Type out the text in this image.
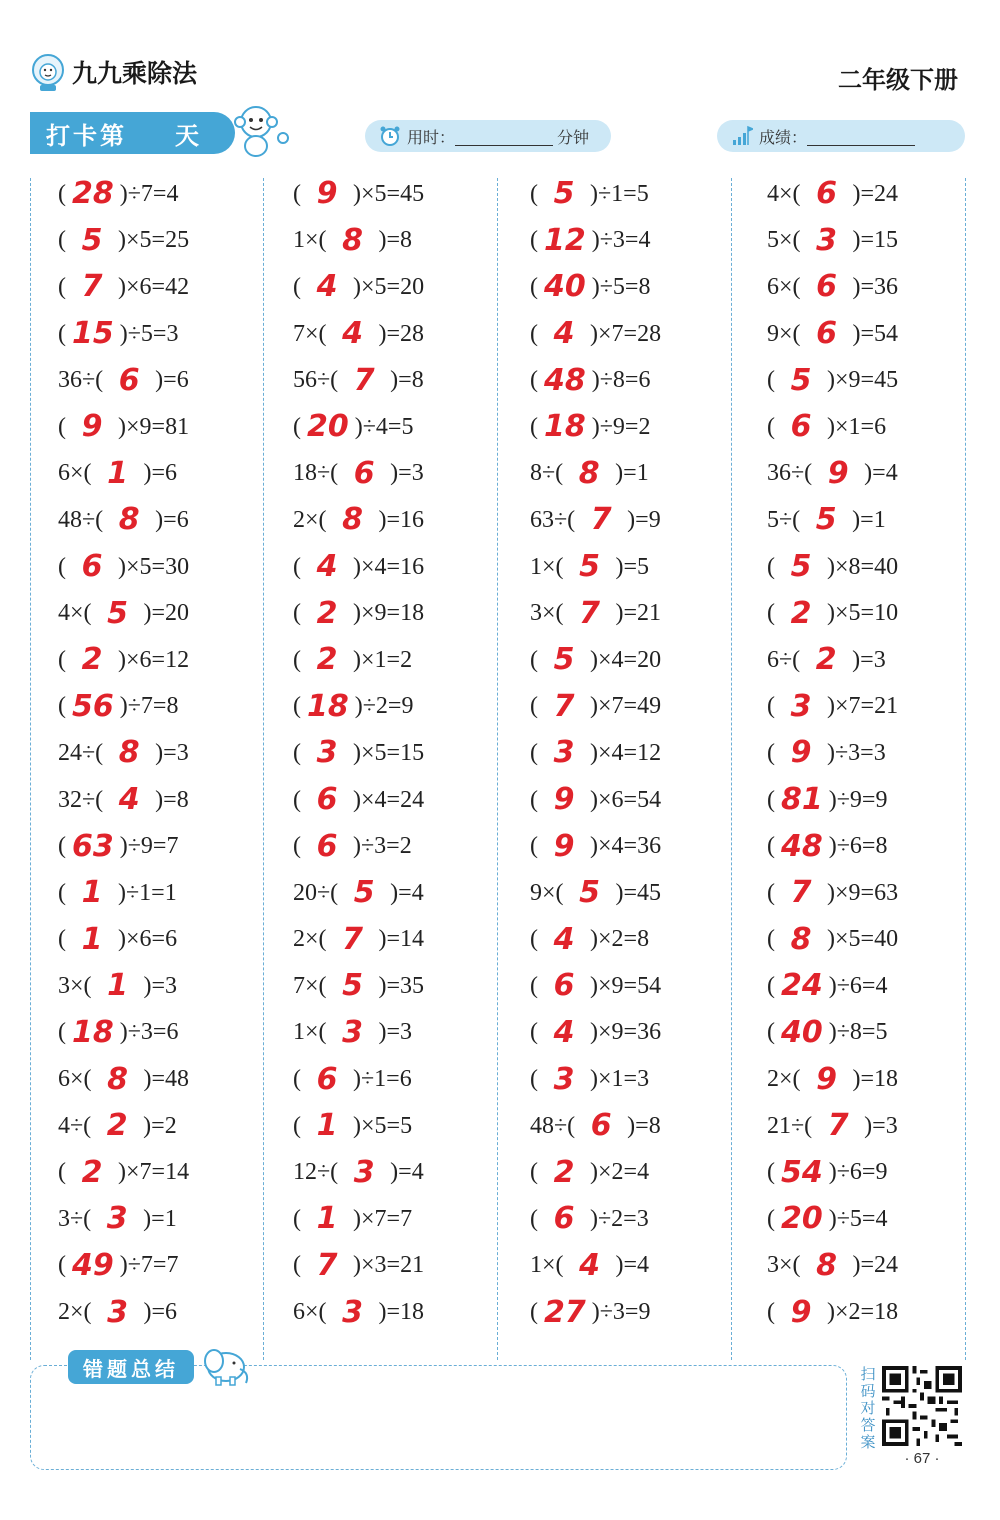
九九乘除法	二年级下册
打卡第 天	用时：	分钟	成绩：
( 28 )÷7=4
( 5 )×5=25
( 7 )×6=42
( 15 )÷5=3
36÷( 6 )=6
( 9 )×9=81
6×( 1 )=6
48÷( 8 )=6
( 6 )×5=30
4×( 5 )=20
( 2 )×6=12
( 56 )÷7=8
24÷( 8 )=3
32÷( 4 )=8
( 63 )÷9=7
( 1 )÷1=1
( 1 )×6=6
3×( 1 )=3
( 18 )÷3=6
6×( 8 )=48
4÷( 2 )=2
( 2 )×7=14
3÷( 3 )=1
( 49 )÷7=7
2×( 3 )=6
( 9 )×5=45
1×( 8 )=8
( 4 )×5=20
7×( 4 )=28
56÷( 7 )=8
( 20 )÷4=5
18÷( 6 )=3
2×( 8 )=16
( 4 )×4=16
( 2 )×9=18
( 2 )×1=2
( 18 )÷2=9
( 3 )×5=15
( 6 )×4=24
( 6 )÷3=2
20÷( 5 )=4
2×( 7 )=14
7×( 5 )=35
1×( 3 )=3
( 6 )÷1=6
( 1 )×5=5
12÷( 3 )=4
( 1 )×7=7
( 7 )×3=21
6×( 3 )=18
( 5 )÷1=5
( 12 )÷3=4
( 40 )÷5=8
( 4 )×7=28
( 48 )÷8=6
( 18 )÷9=2
8÷( 8 )=1
63÷( 7 )=9
1×( 5 )=5
3×( 7 )=21
( 5 )×4=20
( 7 )×7=49
( 3 )×4=12
( 9 )×6=54
( 9 )×4=36
9×( 5 )=45
( 4 )×2=8
( 6 )×9=54
( 4 )×9=36
( 3 )×1=3
48÷( 6 )=8
( 2 )×2=4
( 6 )÷2=3
1×( 4 )=4
( 27 )÷3=9
4×( 6 )=24
5×( 3 )=15
6×( 6 )=36
9×( 6 )=54
( 5 )×9=45
( 6 )×1=6
36÷( 9 )=4
5÷( 5 )=1
( 5 )×8=40
( 2 )×5=10
6÷( 2 )=3
( 3 )×7=21
( 9 )÷3=3
( 81 )÷9=9
( 48 )÷6=8
( 7 )×9=63
( 8 )×5=40
( 24 )÷6=4
( 40 )÷8=5
2×( 9 )=18
21÷( 7 )=3
( 54 )÷6=9
( 20 )÷5=4
3×( 8 )=24
( 9 )×2=18
错题总结	扫码对答案
· 67 ·
